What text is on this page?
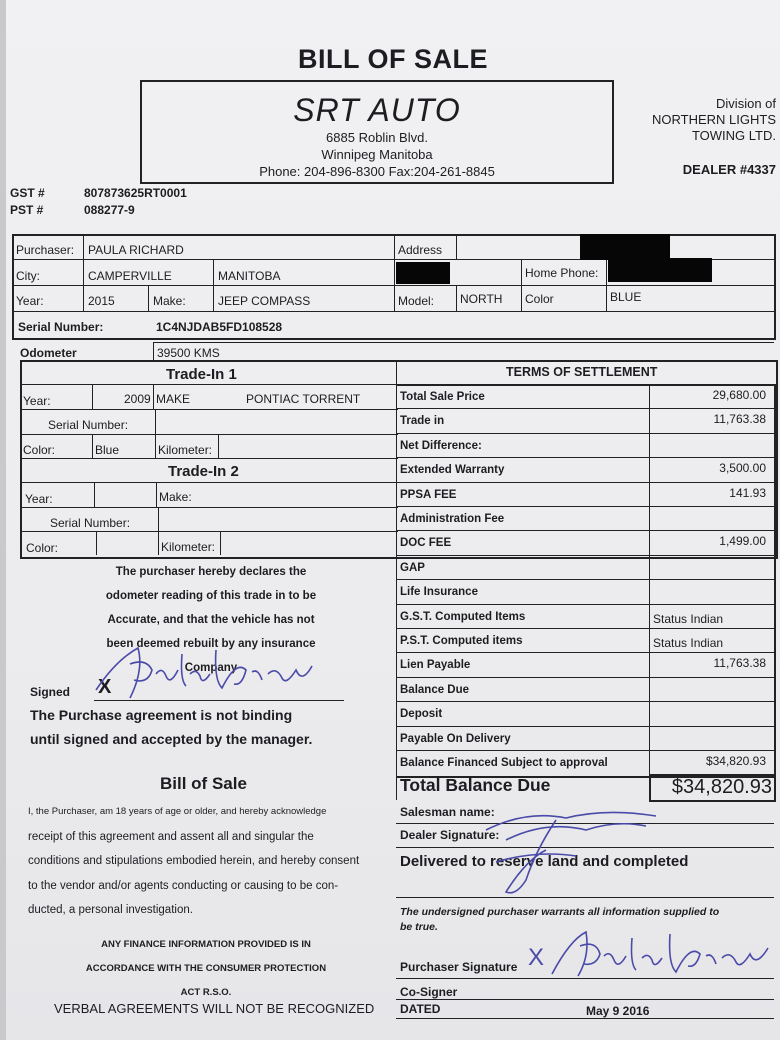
BILL OF SALE
SRT AUTO
6885 Roblin Blvd.
Winnipeg Manitoba
Phone: 204-896-8300 Fax:204-261-8845
Division of
NORTHERN LIGHTS
TOWING LTD.
DEALER #4337
GST #	807873625RT0001
PST #	088277-9
Purchaser: PAULA RICHARD	Address
City:	CAMPERVILLE	MANITOBA	Home Phone:
Year:	2015	Make:	JEEP COMPASS	Model: NORTH Color	BLUE
Serial Number:	1C4NJDAB5FD108528
Odometer	39500 KMS
Trade-In 1	TERMS OF SETTLEMENT
Year:	2009 MAKE	PONTIAC TORRENT
Serial Number:
Color:	Blue	Kilometer:
Trade-In 2
Year:	Make:
Serial Number:
Color:	Kilometer:
Total Sale Price	29,680.00
Trade in	11,763.38
Net Difference:
Extended Warranty	3,500.00
PPSA FEE	141.93
Administration Fee
DOC FEE	1,499.00
GAP
Life Insurance
G.S.T. Computed Items	Status Indian
P.S.T. Computed items	Status Indian
Lien Payable	11,763.38
Balance Due
Deposit
Payable On Delivery
Balance Financed Subject to approval	$34,820.93
Total Balance Due	$34,820.93
The purchaser hereby declares the
odometer reading of this trade in to be
Accurate, and that the vehicle has not
been deemed rebuilt by any insurance
Company
Signed X
The Purchase agreement is not binding
until signed and accepted by the manager.
Bill of Sale
I, the Purchaser, am 18 years of age or older, and hereby acknowledge
receipt of this agreement and assent all and singular the
conditions and stipulations embodied herein, and hereby consent
to the vendor and/or agents conducting or causing to be con-
ducted, a personal investigation.
ANY FINANCE INFORMATION PROVIDED IS IN
ACCORDANCE WITH THE CONSUMER PROTECTION
ACT R.S.O.
VERBAL AGREEMENTS WILL NOT BE RECOGNIZED
Salesman name:
Dealer Signature:
Delivered to reserve land and completed
The undersigned purchaser warrants all information supplied to
be true.
Purchaser Signature X
Co-Signer
DATED	May 9 2016
